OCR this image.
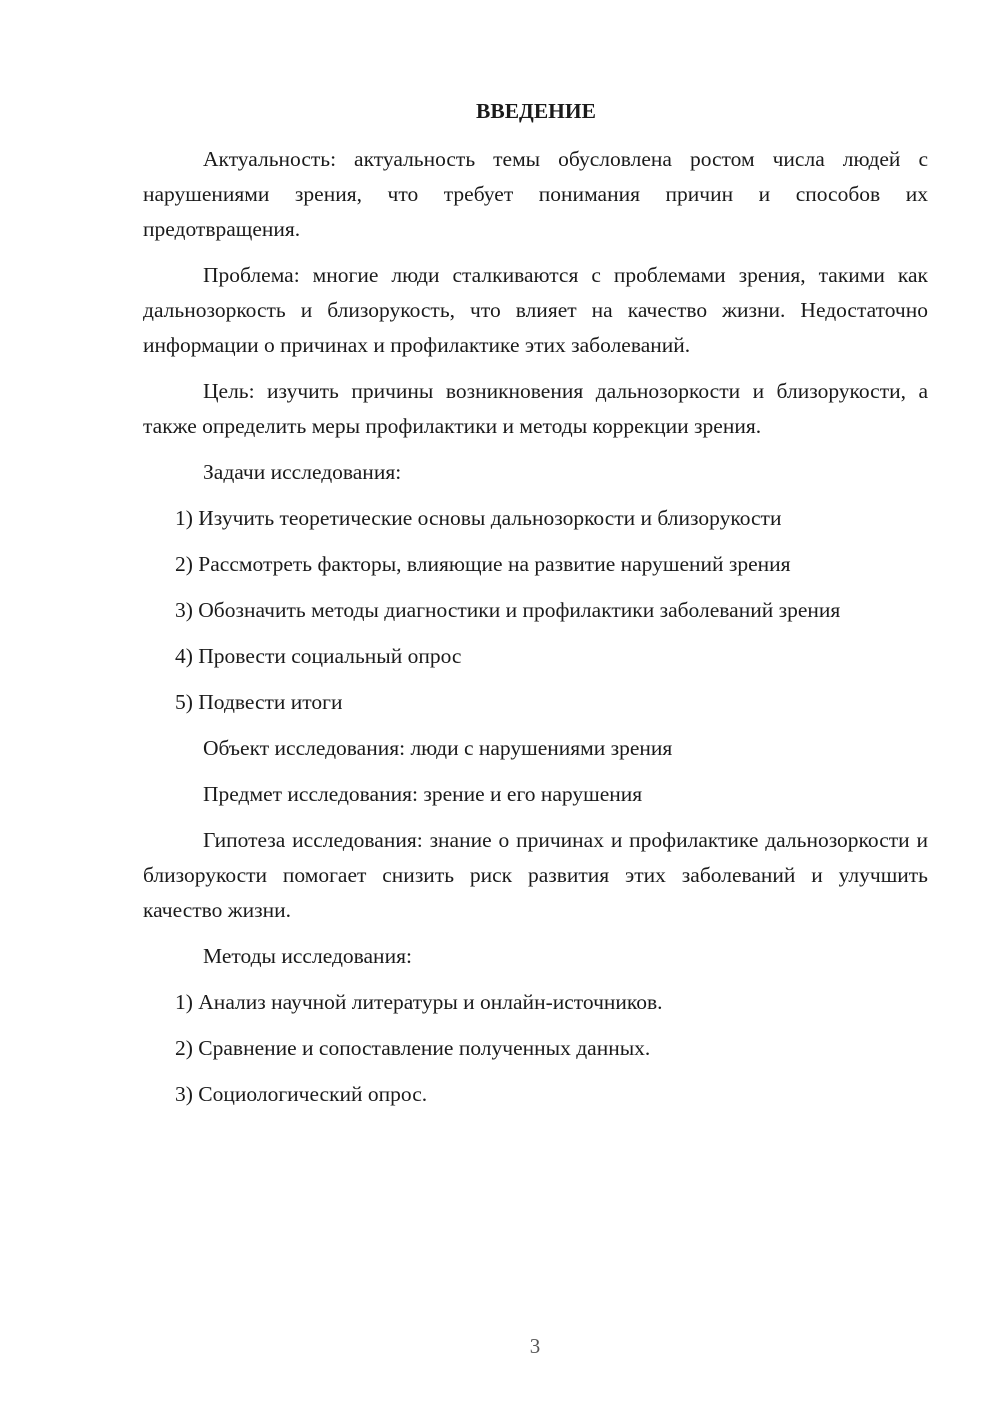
ВВЕДЕНИЕ

Актуальность: актуальность темы обусловлена ростом числа людей с нарушениями зрения, что требует понимания причин и способов их предотвращения.

Проблема: многие люди сталкиваются с проблемами зрения, такими как дальнозоркость и близорукость, что влияет на качество жизни. Недостаточно информации о причинах и профилактике этих заболеваний.

Цель: изучить причины возникновения дальнозоркости и близорукости, а также определить меры профилактики и методы коррекции зрения.

Задачи исследования:

1) Изучить теоретические основы дальнозоркости и близорукости

2) Рассмотреть факторы, влияющие на развитие нарушений зрения

3) Обозначить методы диагностики и профилактики заболеваний зрения

4) Провести социальный опрос

5) Подвести итоги

Объект исследования: люди с нарушениями зрения

Предмет исследования: зрение и его нарушения

Гипотеза исследования: знание о причинах и профилактике дальнозоркости и близорукости помогает снизить риск развития этих заболеваний и улучшить качество жизни.

Методы исследования:

1) Анализ научной литературы и онлайн-источников.

2) Сравнение и сопоставление полученных данных.

3) Социологический опрос.

3
